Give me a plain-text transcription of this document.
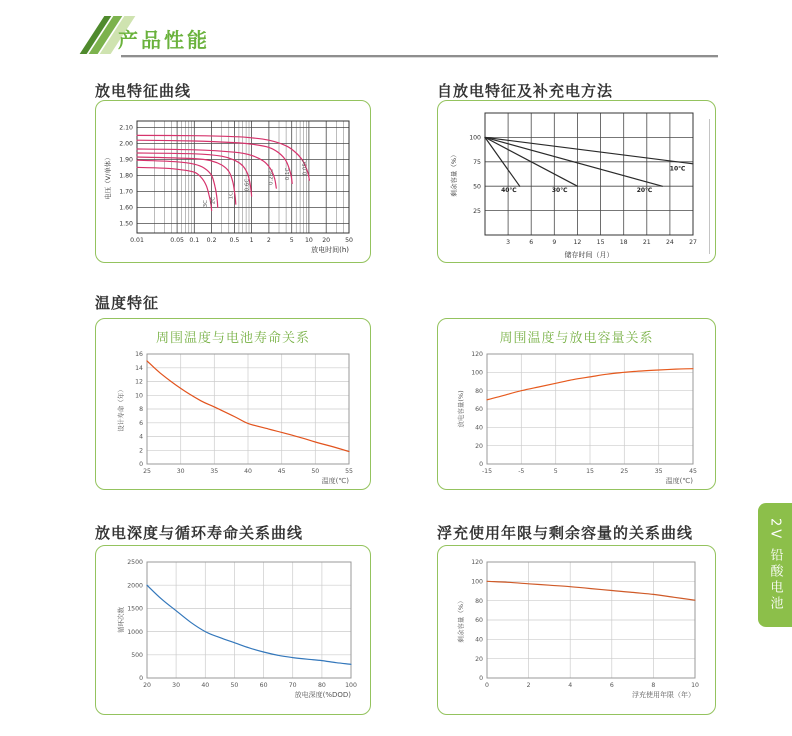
产品性能
放电特征曲线	自放电特征及补充电方法
温度特征
放电深度与循环寿命关系曲线	浮充使用年限与剩余容量的关系曲线
3C 2C
1C
0.6C
0.25C 0.1C 0.05C
0.01	0.05 0.1 0.2 0.5 1 2	5 10 20 50
1.50
1.60
1.70
1.80
1.90
2.00
2.10
电压（V/单体）
放电时间(h)
40℃	30℃	20℃
10℃
3	6	9	12 15 18 21 24 27
25
50
75
100
剩余容量（%）
储存时间（月）
周围温度与电池寿命关系
25	30	35	40	45	50	55
0
2
4
6
8
10
12
14
16
设计寿命（年）
温度(℃)
周围温度与放电容量关系
-15	-5	5	15	25	35	45
0
20
40
60
80
100
120
放电容量(%)
温度(℃)
20	30	40	50	60	70	80	100
0
500
1000
1500
2000
2500
循环次数
放电深度(%DOD)
0	2	4	6	8	10
0
20
40
60
80
100
120
剩余容量（%）
浮充使用年限（年）
2V 铅酸电池
